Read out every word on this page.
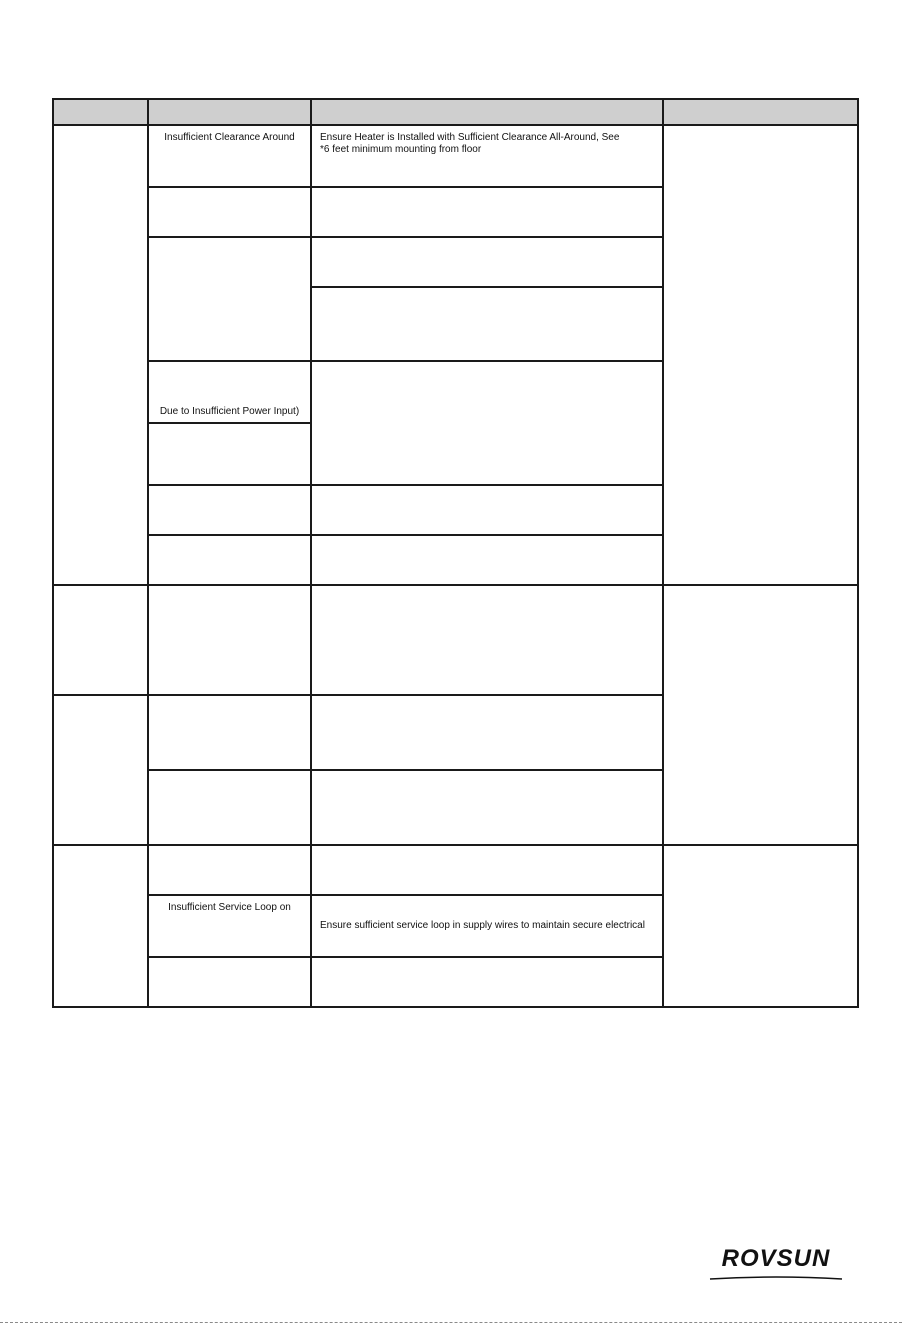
	Insufficient Clearance Around	Ensure Heater is Installed with Sufficient Clearance All-Around, See
*6 feet minimum mounting from floor	

	Due to Insufficient Power Input)		

	Insufficient Service Loop on	Ensure sufficient service loop in supply wires to maintain secure electrical	

ROVSUN
